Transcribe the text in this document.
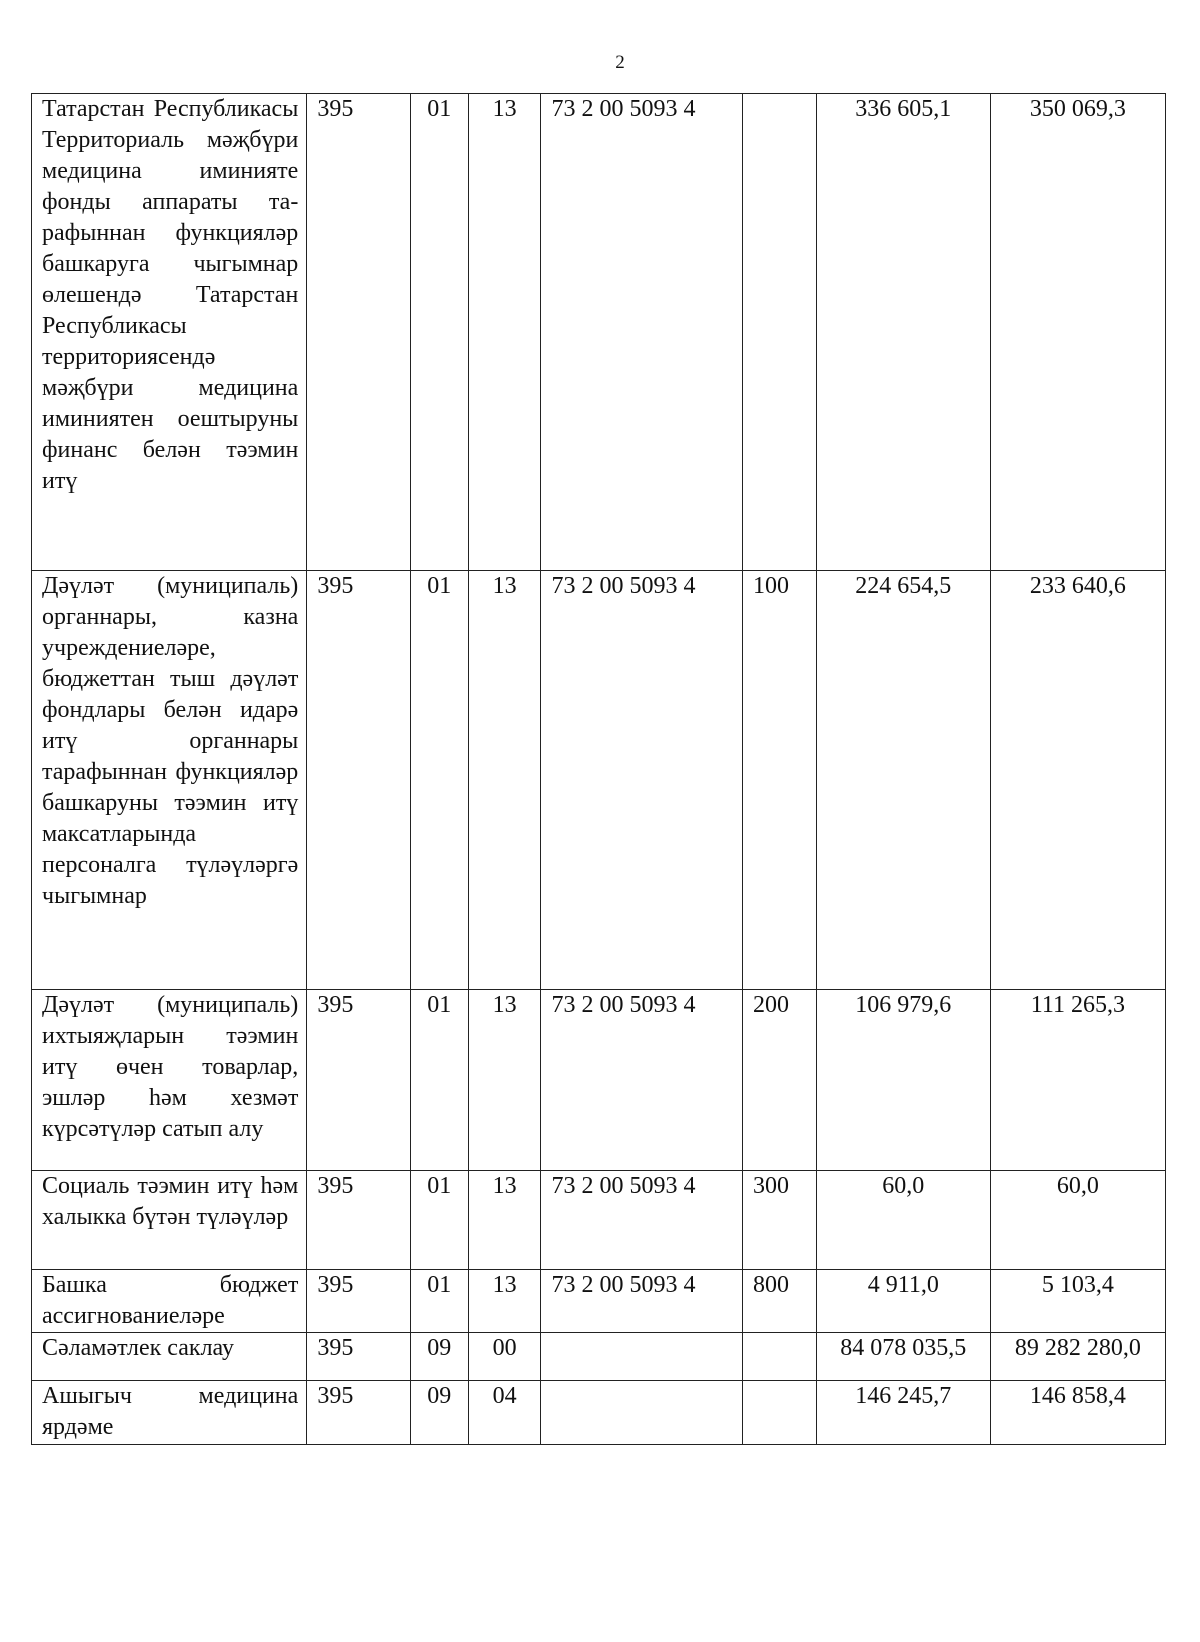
2
Татарстан Республикасы Территориаль мәҗбүри медицина иминияте фонды аппараты тарафыннан функцияләр башкаруга чыгымнар өлешендә Татарстан Республикасы территориясендә мәҗбүри медицина иминиятен оештыруны финанс белән тәэмин итү	395	01	13	73 2 00 5093 4		336 605,1	350 069,3
Дәүләт (муниципаль) органнары, казна учреждениеләре, бюджеттан тыш дәүләт фондлары белән идарә итү органнары тарафыннан функцияләр башкаруны тәэмин итү максатларында персоналга түләүләргә чыгымнар	395	01	13	73 2 00 5093 4	100	224 654,5	233 640,6
Дәүләт (муниципаль) ихтыяҗларын тәэмин итү өчен товарлар, эшләр һәм хезмәт күрсәтүләр сатып алу	395	01	13	73 2 00 5093 4	200	106 979,6	111 265,3
Социаль тәэмин итү һәм халыкка бүтән түләүләр	395	01	13	73 2 00 5093 4	300	60,0	60,0
Башка бюджет ассигнованиеләре	395	01	13	73 2 00 5093 4	800	4 911,0	5 103,4
Сәламәтлек саклау	395	09	00			84 078 035,5	89 282 280,0
Ашыгыч медицина ярдәме	395	09	04			146 245,7	146 858,4
